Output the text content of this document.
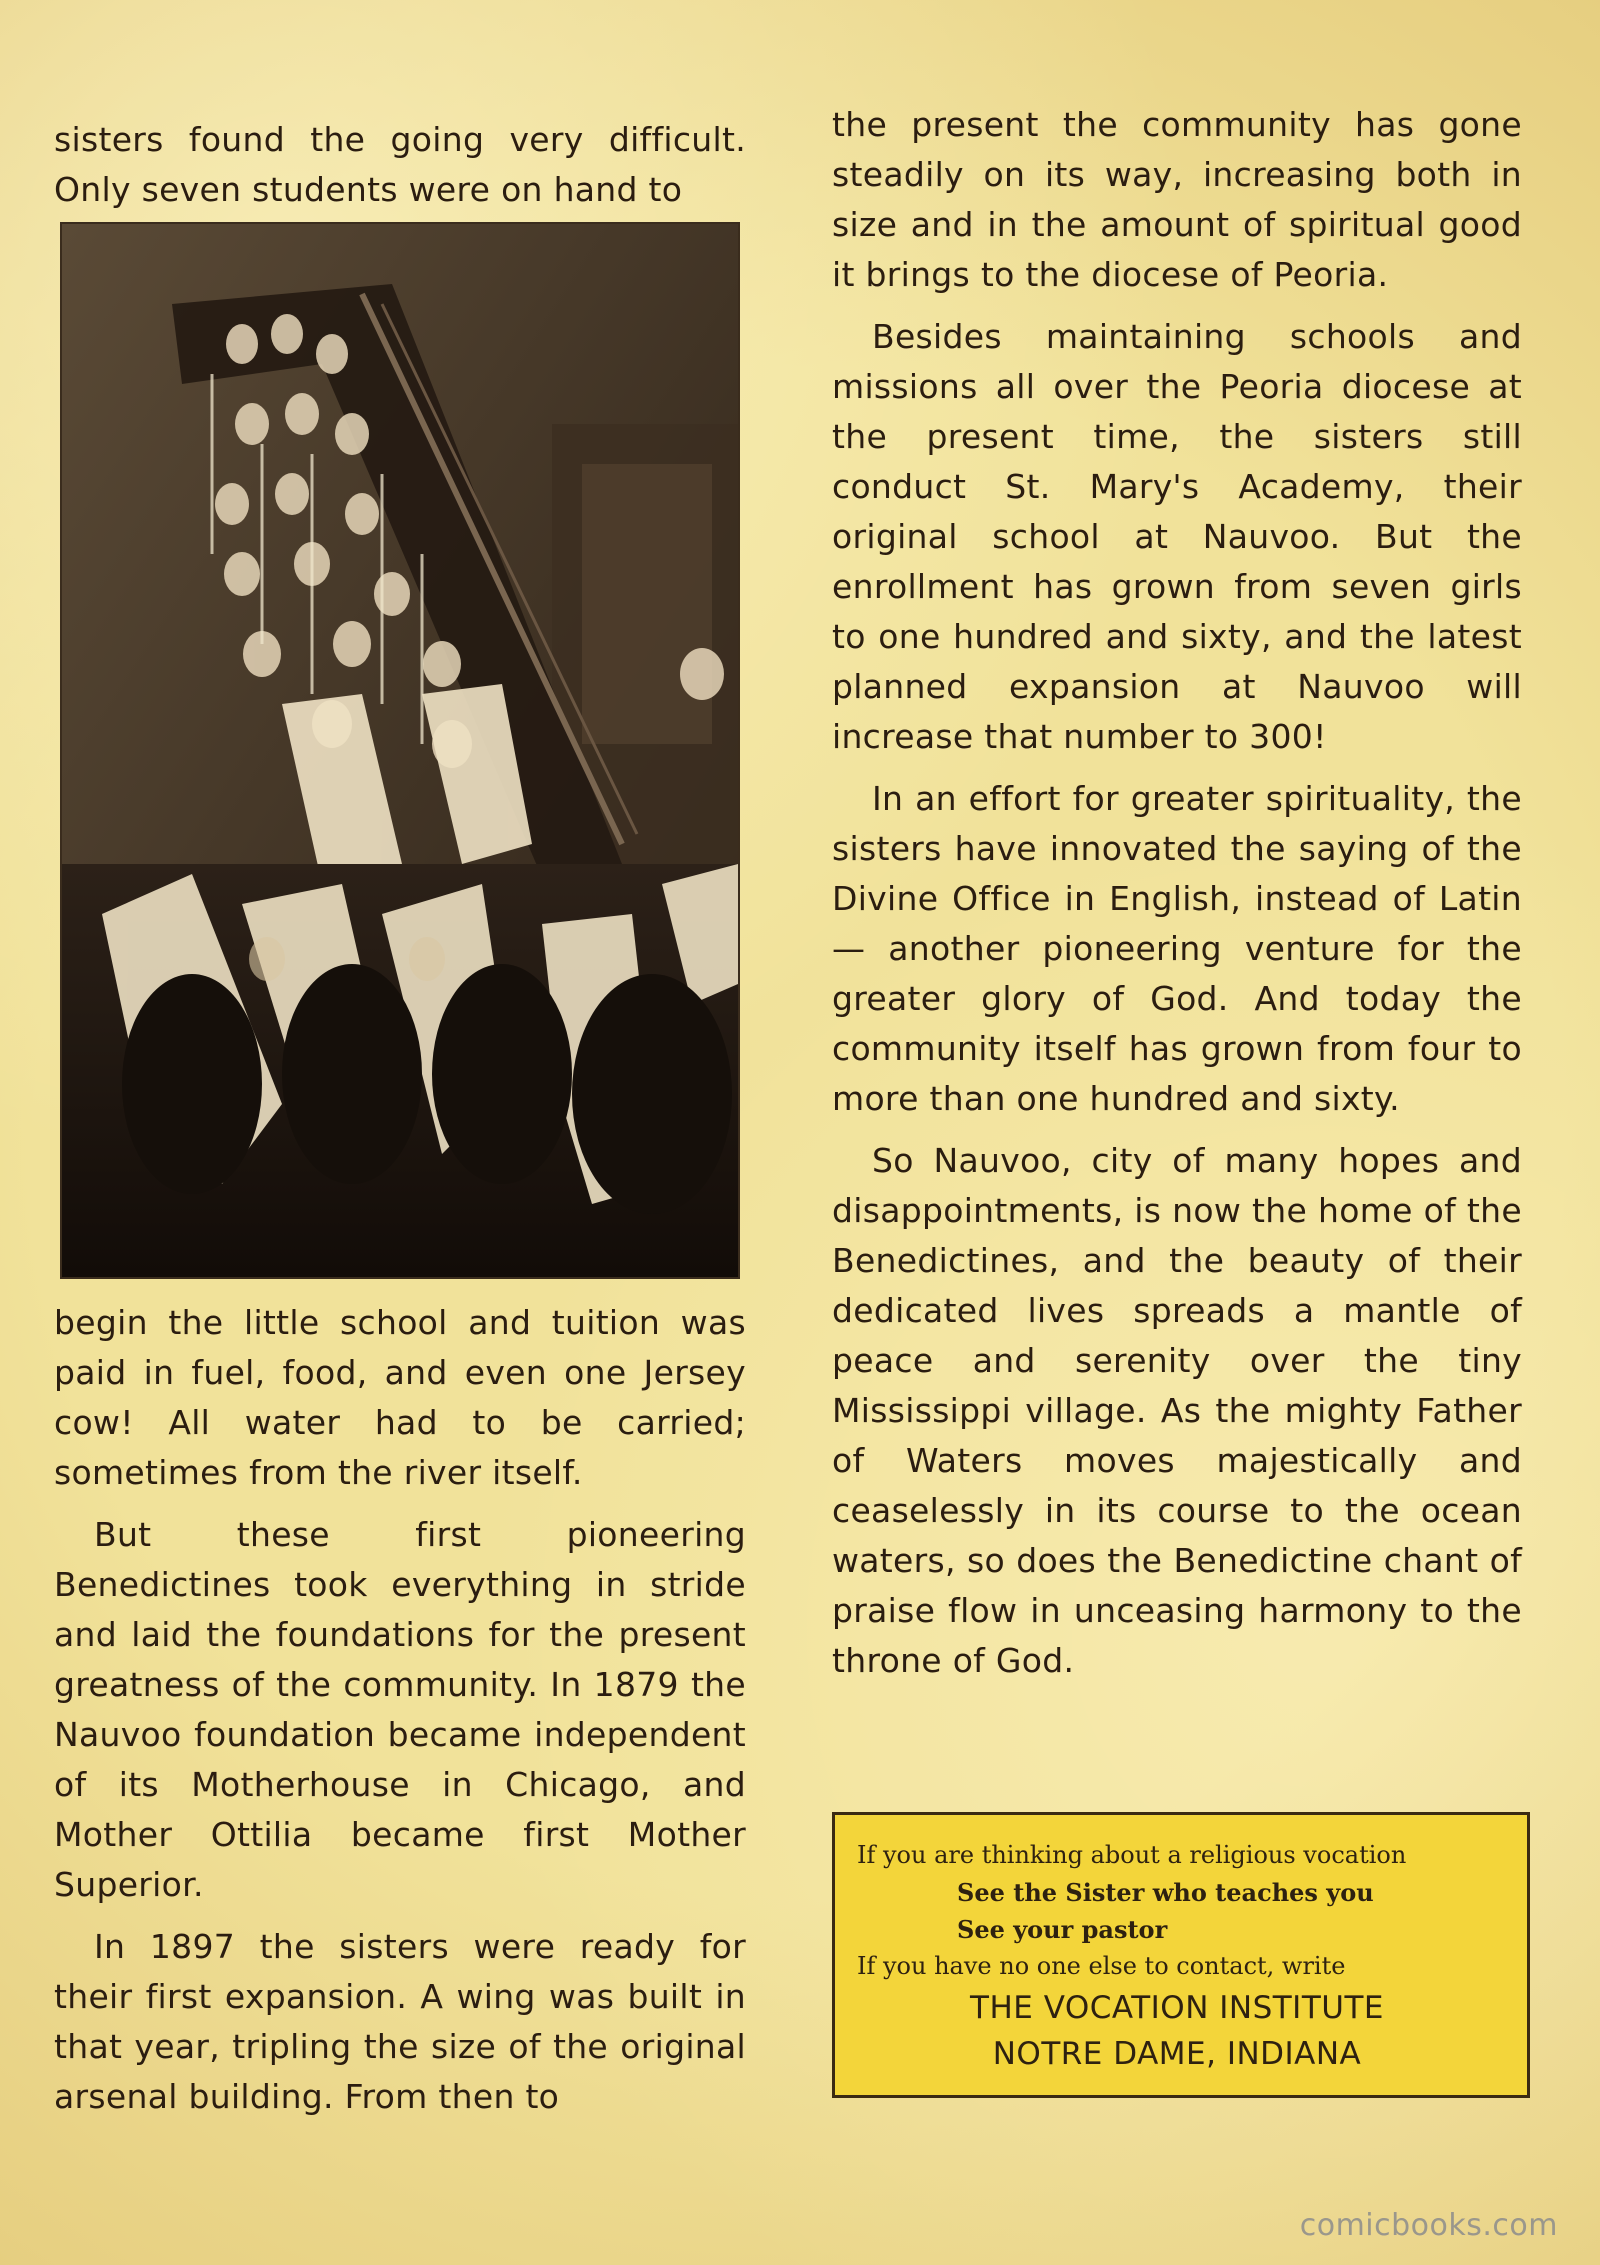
sisters found the going very difficult. Only seven students were on hand to

begin the little school and tuition was paid in fuel, food, and even one Jersey cow! All water had to be carried; sometimes from the river itself.

But these first pioneering Benedictines took everything in stride and laid the foundations for the present greatness of the community. In 1879 the Nauvoo foundation became independent of its Motherhouse in Chicago, and Mother Ottilia became first Mother Superior.

In 1897 the sisters were ready for their first expansion. A wing was built in that year, tripling the size of the original arsenal building. From then to

the present the community has gone steadily on its way, increasing both in size and in the amount of spiritual good it brings to the diocese of Peoria.

Besides maintaining schools and missions all over the Peoria diocese at the present time, the sisters still conduct St. Mary's Academy, their original school at Nauvoo. But the enrollment has grown from seven girls to one hundred and sixty, and the latest planned expansion at Nauvoo will increase that number to 300!

In an effort for greater spirituality, the sisters have innovated the saying of the Divine Office in English, instead of Latin — another pioneering venture for the greater glory of God. And today the community itself has grown from four to more than one hundred and sixty.

So Nauvoo, city of many hopes and disappointments, is now the home of the Benedictines, and the beauty of their dedicated lives spreads a mantle of peace and serenity over the tiny Mississippi village. As the mighty Father of Waters moves majestically and ceaselessly in its course to the ocean waters, so does the Benedictine chant of praise flow in unceasing harmony to the throne of God.

If you are thinking about a religious vocation
See the Sister who teaches you
See your pastor
If you have no one else to contact, write
THE VOCATION INSTITUTE
NOTRE DAME, INDIANA
comicbooks.com
